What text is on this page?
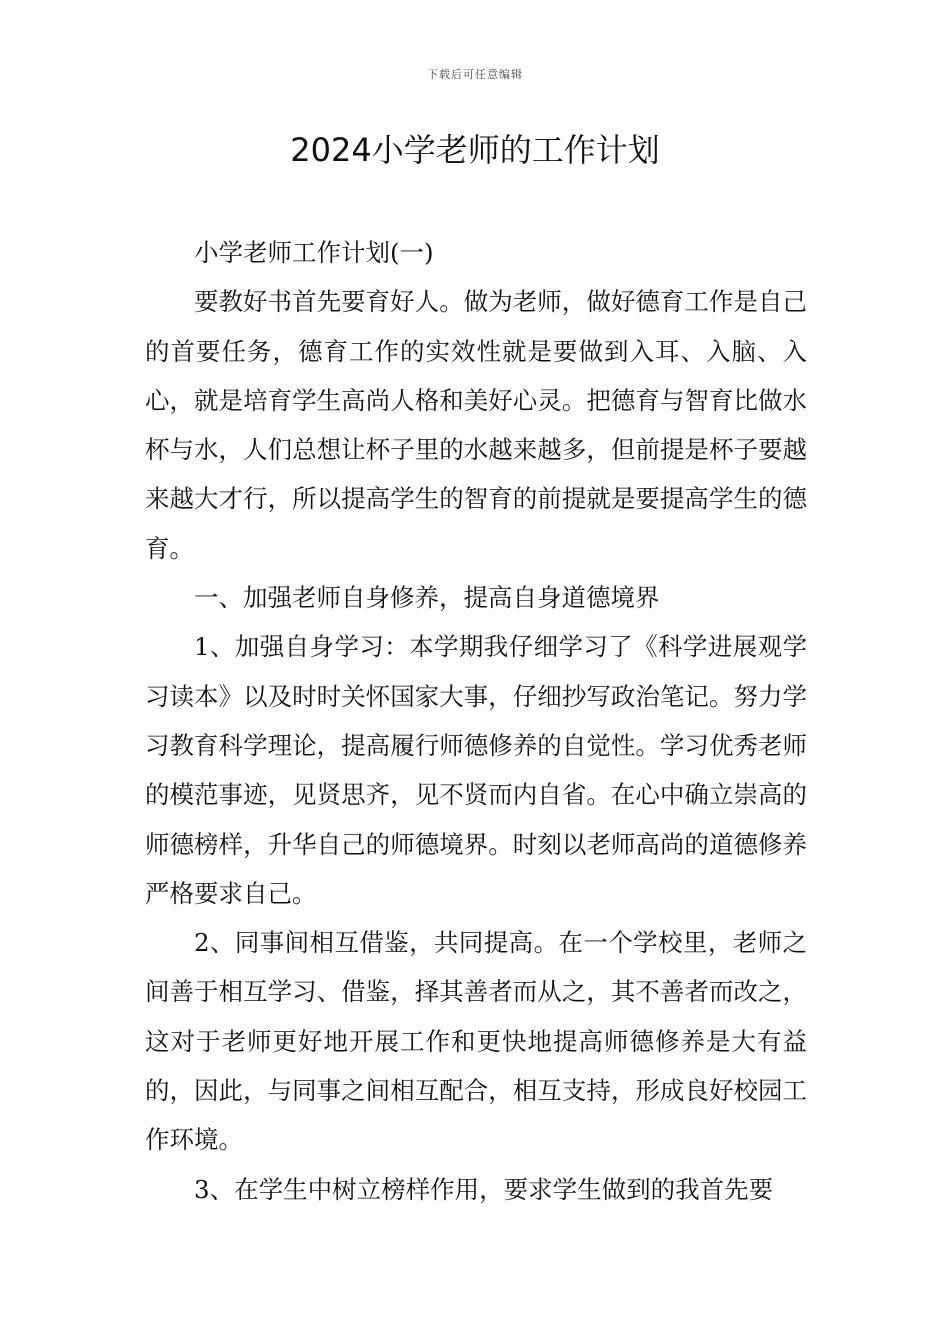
下载后可任意编辑
2024小学老师的工作计划

小学老师工作计划(一)

要教好书首先要育好人。做为老师，做好德育工作是自己的首要任务，德育工作的实效性就是要做到入耳、入脑、入心，就是培育学生高尚人格和美好心灵。把德育与智育比做水杯与水，人们总想让杯子里的水越来越多，但前提是杯子要越来越大才行，所以提高学生的智育的前提就是要提高学生的德育。

一、加强老师自身修养，提高自身道德境界

1、加强自身学习：本学期我仔细学习了《科学进展观学习读本》以及时时关怀国家大事，仔细抄写政治笔记。努力学习教育科学理论，提高履行师德修养的自觉性。学习优秀老师的模范事迹，见贤思齐，见不贤而内自省。在心中确立崇高的师德榜样，升华自己的师德境界。时刻以老师高尚的道德修养严格要求自己。

2、同事间相互借鉴，共同提高。在一个学校里，老师之间善于相互学习、借鉴，择其善者而从之，其不善者而改之，这对于老师更好地开展工作和更快地提高师德修养是大有益的，因此，与同事之间相互配合，相互支持，形成良好校园工作环境。

3、在学生中树立榜样作用，要求学生做到的我首先要
